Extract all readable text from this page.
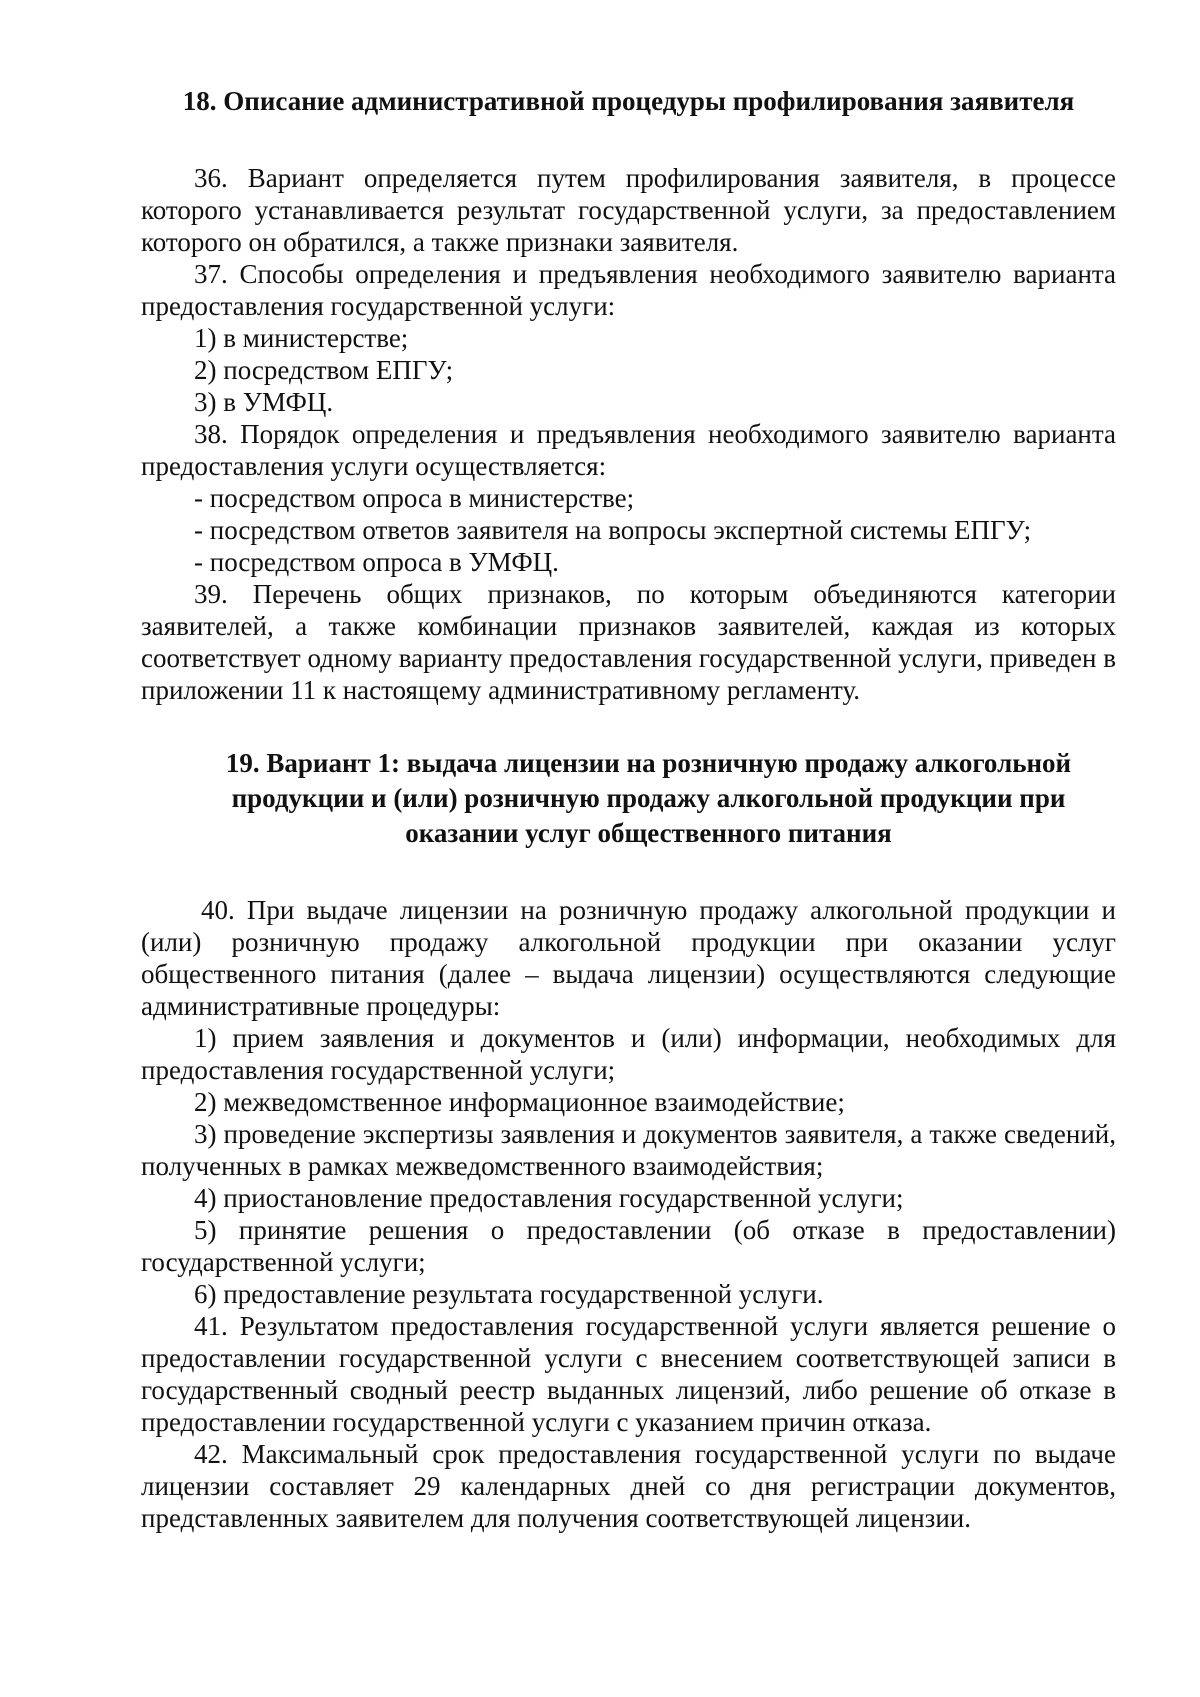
18. Описание административной процедуры профилирования заявителя

36. Вариант определяется путем профилирования заявителя, в процессе которого устанавливается результат государственной услуги, за предоставлением которого он обратился, а также признаки заявителя.

37. Способы определения и предъявления необходимого заявителю варианта предоставления государственной услуги:

1) в министерстве;

2) посредством ЕПГУ;

3) в УМФЦ.

38. Порядок определения и предъявления необходимого заявителю варианта предоставления услуги осуществляется:

- посредством опроса в министерстве;

- посредством ответов заявителя на вопросы экспертной системы ЕПГУ;

- посредством опроса в УМФЦ.

39. Перечень общих признаков, по которым объединяются категории заявителей, а также комбинации признаков заявителей, каждая из которых соответствует одному варианту предоставления государственной услуги, приведен в приложении 11 к настоящему административному регламенту.

19. Вариант 1: выдача лицензии на розничную продажу алкогольной продукции и (или) розничную продажу алкогольной продукции при оказании услуг общественного питания

40. При выдаче лицензии на розничную продажу алкогольной продукции и (или) розничную продажу алкогольной продукции при оказании услуг общественного питания (далее – выдача лицензии) осуществляются следующие административные процедуры:

1) прием заявления и документов и (или) информации, необходимых для предоставления государственной услуги;

2) межведомственное информационное взаимодействие;

3) проведение экспертизы заявления и документов заявителя, а также сведений, полученных в рамках межведомственного взаимодействия;

4) приостановление предоставления государственной услуги;

5) принятие решения о предоставлении (об отказе в предоставлении) государственной услуги;

6) предоставление результата государственной услуги.

41. Результатом предоставления государственной услуги является решение о предоставлении государственной услуги с внесением соответствующей записи в государственный сводный реестр выданных лицензий, либо решение об отказе в предоставлении государственной услуги с указанием причин отказа.

42. Максимальный срок предоставления государственной услуги по выдаче лицензии составляет 29 календарных дней со дня регистрации документов, представленных заявителем для получения соответствующей лицензии.
